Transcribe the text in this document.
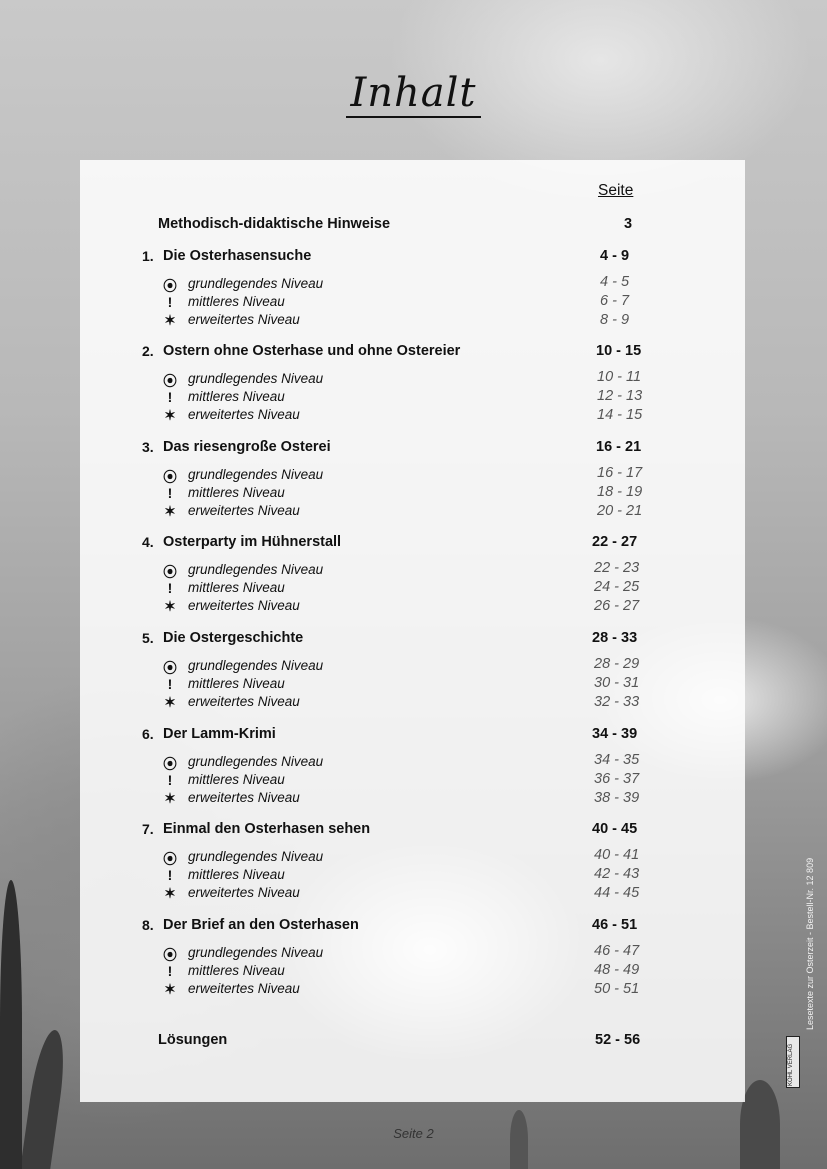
Inhalt
Seite
Methodisch-didaktische Hinweise	3
1. Die Osterhasensuche	4 - 9
⦿ grundlegendes Niveau	4 - 5
!	mittleres Niveau	6 - 7
✶ erweitertes Niveau	8 - 9
2. Ostern ohne Osterhase und ohne Ostereier	10 - 15
⦿ grundlegendes Niveau	10 - 11
!	mittleres Niveau	12 - 13
✶ erweitertes Niveau	14 - 15
3. Das riesengroße Osterei	16 - 21
⦿ grundlegendes Niveau	16 - 17
!	mittleres Niveau	18 - 19
✶ erweitertes Niveau	20 - 21
4. Osterparty im Hühnerstall	22 - 27
⦿ grundlegendes Niveau	22 - 23
!	mittleres Niveau	24 - 25
✶ erweitertes Niveau	26 - 27
5. Die Ostergeschichte	28 - 33
⦿ grundlegendes Niveau	28 - 29
!	mittleres Niveau	30 - 31
✶ erweitertes Niveau	32 - 33
6. Der Lamm-Krimi	34 - 39
⦿ grundlegendes Niveau	34 - 35
!	mittleres Niveau	36 - 37
✶ erweitertes Niveau	38 - 39
7. Einmal den Osterhasen sehen	40 - 45
⦿ grundlegendes Niveau	40 - 41
!	mittleres Niveau	42 - 43
✶ erweitertes Niveau	44 - 45
8. Der Brief an den Osterhasen	46 - 51
⦿ grundlegendes Niveau	46 - 47
!	mittleres Niveau	48 - 49
✶ erweitertes Niveau	50 - 51
Lösungen	52 - 56
Seite 2
Lesetexte zur Osterzeit - Bestell-Nr. 12 809
KOHL VERLAG
